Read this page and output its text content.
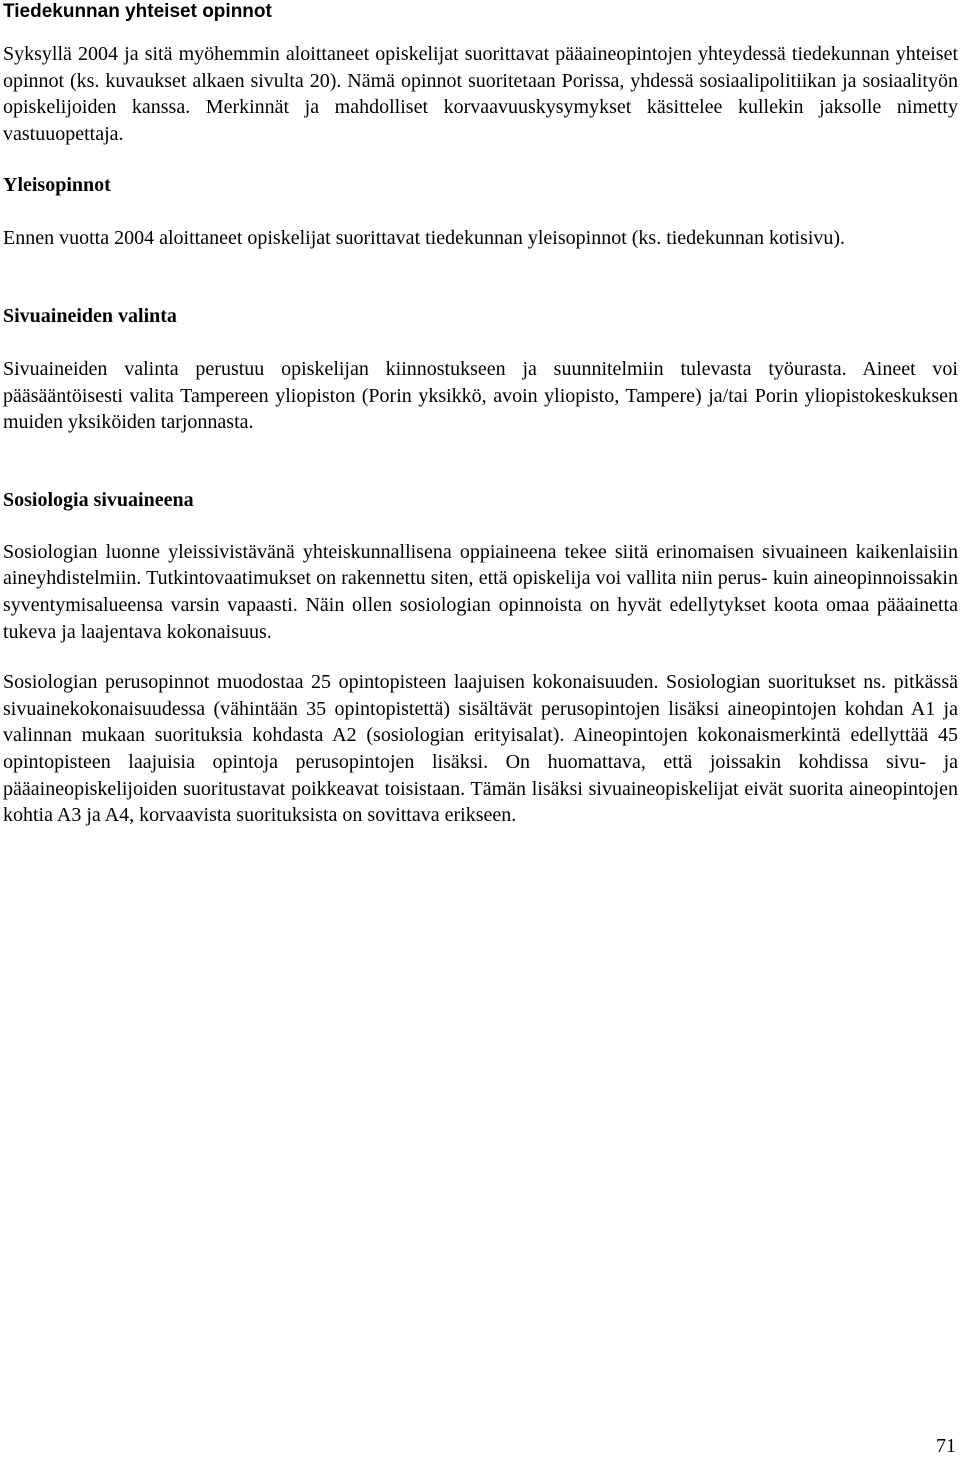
Tiedekunnan yhteiset opinnot

Syksyllä 2004 ja sitä myöhemmin aloittaneet opiskelijat suorittavat pääaineopintojen yhteydessä tiedekunnan yhteiset opinnot (ks. kuvaukset alkaen sivulta 20). Nämä opinnot suoritetaan Porissa, yhdessä sosiaalipolitiikan ja sosiaalityön opiskelijoiden kanssa. Merkinnät ja mahdolliset korvaavuuskysymykset käsittelee kullekin jaksolle nimetty vastuuopettaja.

Yleisopinnot

Ennen vuotta 2004 aloittaneet opiskelijat suorittavat tiedekunnan yleisopinnot (ks. tiedekunnan kotisivu).

Sivuaineiden valinta

Sivuaineiden valinta perustuu opiskelijan kiinnostukseen ja suunnitelmiin tulevasta työurasta. Aineet voi pääsääntöisesti valita Tampereen yliopiston (Porin yksikkö, avoin yliopisto, Tampere) ja/tai Porin yliopistokeskuksen muiden yksiköiden tarjonnasta.

Sosiologia sivuaineena

Sosiologian luonne yleissivistävänä yhteiskunnallisena oppiaineena tekee siitä erinomaisen sivuaineen kaikenlaisiin aineyhdistelmiin. Tutkintovaatimukset on rakennettu siten, että opiskelija voi vallita niin perus- kuin aineopinnoissakin syventymisalueensa varsin vapaasti. Näin ollen sosiologian opinnoista on hyvät edellytykset koota omaa pääainetta tukeva ja laajentava kokonaisuus.

Sosiologian perusopinnot muodostaa 25 opintopisteen laajuisen kokonaisuuden. Sosiologian suoritukset ns. pitkässä sivuainekokonaisuudessa (vähintään 35 opintopistettä) sisältävät perusopintojen lisäksi aineopintojen kohdan A1 ja valinnan mukaan suorituksia kohdasta A2 (sosiologian erityisalat). Aineopintojen kokonaismerkintä edellyttää 45 opintopisteen laajuisia opintoja perusopintojen lisäksi. On huomattava, että joissakin kohdissa sivu- ja pääaineopiskelijoiden suoritustavat poikkeavat toisistaan. Tämän lisäksi sivuaineopiskelijat eivät suorita aineopintojen kohtia A3 ja A4, korvaavista suorituksista on sovittava erikseen.

71
